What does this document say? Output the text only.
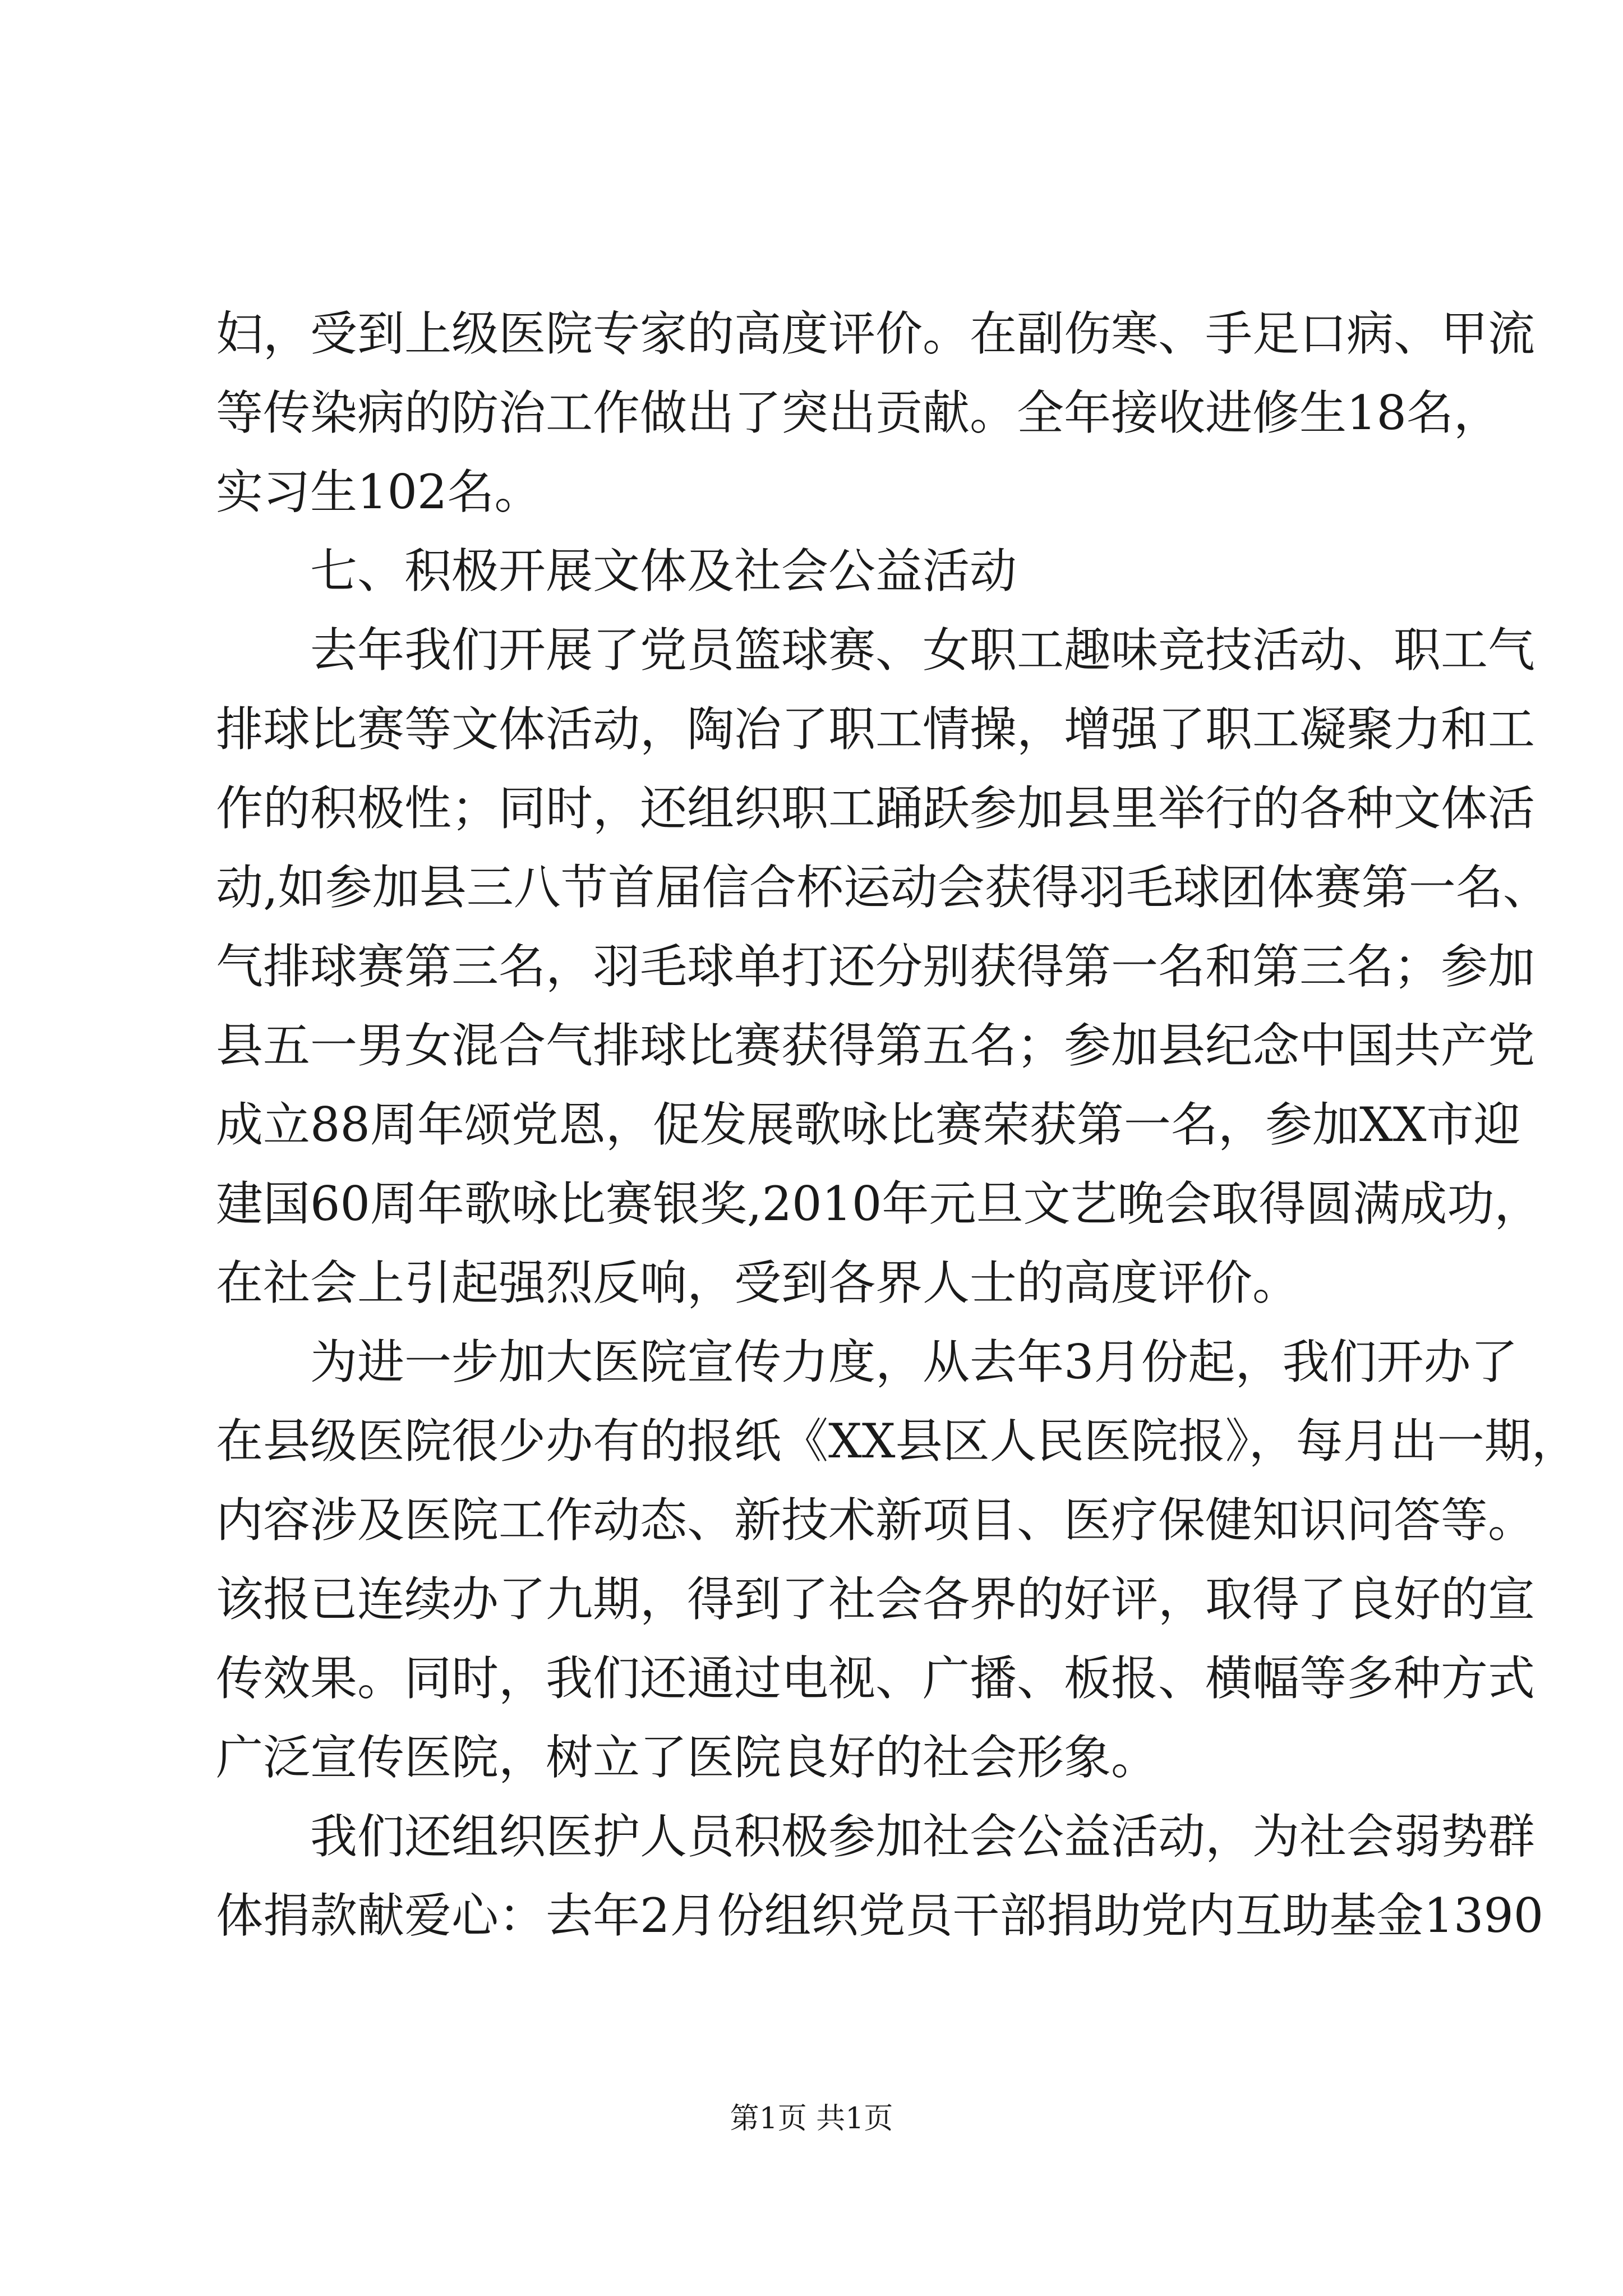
妇，受到上级医院专家的高度评价。在副伤寒、手足口病、甲流
等传染病的防治工作做出了突出贡献。全年接收进修生18名，
实习生102名。
　　七、积极开展文体及社会公益活动
　　去年我们开展了党员篮球赛、女职工趣味竞技活动、职工气
排球比赛等文体活动，陶冶了职工情操，增强了职工凝聚力和工
作的积极性；同时，还组织职工踊跃参加县里举行的各种文体活
动,如参加县三八节首届信合杯运动会获得羽毛球团体赛第一名、
气排球赛第三名，羽毛球单打还分别获得第一名和第三名；参加
县五一男女混合气排球比赛获得第五名；参加县纪念中国共产党
成立88周年颂党恩，促发展歌咏比赛荣获第一名，参加XX市迎
建国60周年歌咏比赛银奖,2010年元旦文艺晚会取得圆满成功，
在社会上引起强烈反响，受到各界人士的高度评价。
　　为进一步加大医院宣传力度，从去年3月份起，我们开办了
在县级医院很少办有的报纸《XX县区人民医院报》，每月出一期，
内容涉及医院工作动态、新技术新项目、医疗保健知识问答等。
该报已连续办了九期，得到了社会各界的好评，取得了良好的宣
传效果。同时，我们还通过电视、广播、板报、横幅等多种方式
广泛宣传医院，树立了医院良好的社会形象。
　　我们还组织医护人员积极参加社会公益活动，为社会弱势群
体捐款献爱心：去年2月份组织党员干部捐助党内互助基金1390
第1页 共1页
